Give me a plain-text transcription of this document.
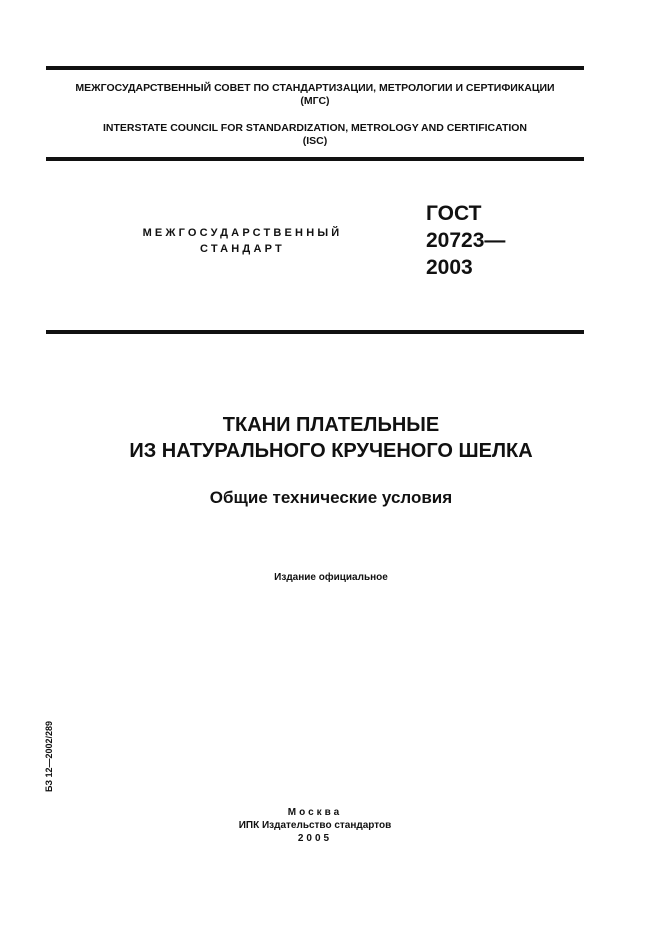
МЕЖГОСУДАРСТВЕННЫЙ СОВЕТ ПО СТАНДАРТИЗАЦИИ, МЕТРОЛОГИИ И СЕРТИФИКАЦИИ
(МГС)
INTERSTATE COUNCIL FOR STANDARDIZATION, METROLOGY AND CERTIFICATION
(ISC)
МЕЖГОСУДАРСТВЕННЫЙ
СТАНДАРТ
ГОСТ
20723—
2003
ТКАНИ ПЛАТЕЛЬНЫЕ
ИЗ НАТУРАЛЬНОГО КРУЧЕНОГО ШЕЛКА
Общие технические условия
Издание официальное
БЗ 12—2002/289
Москва
ИПК Издательство стандартов
2005
